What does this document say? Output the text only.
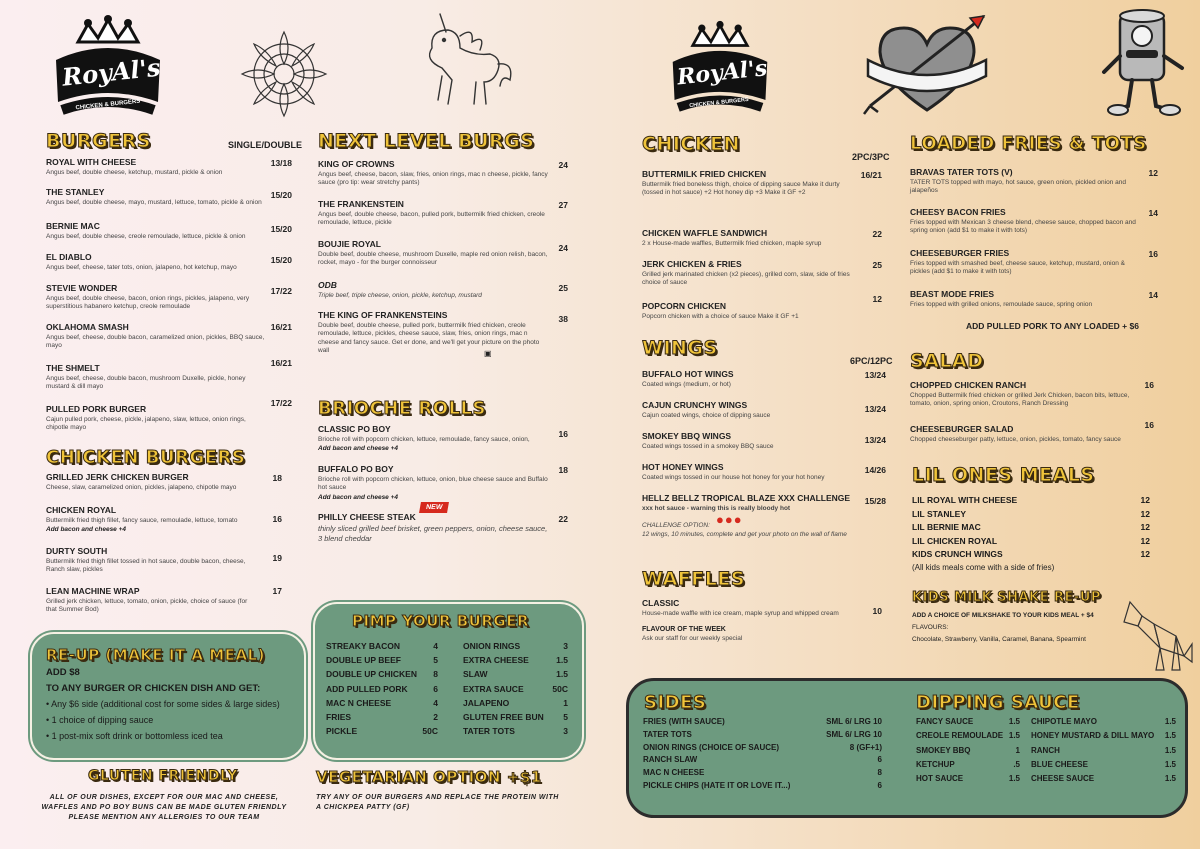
RoyAl's
CHICKEN & BURGERS
BURGERS	SINGLE/DOUBLE
ROYAL WITH CHEESE
Angus beef, double cheese, ketchup, mustard, pickle & onion
13/18
THE STANLEY
Angus beef, double cheese, mayo, mustard, lettuce, tomato, pickle & onion
15/20
BERNIE MAC
Angus beef, double cheese, creole remoulade, lettuce, pickle & onion
15/20
EL DIABLO
Angus beef, cheese, tater tots, onion, jalapeno, hot ketchup, mayo
15/20
STEVIE WONDER
Angus beef, double cheese, bacon, onion rings, pickles, jalapeno, very superstitious habanero ketchup, creole remoulade
17/22
OKLAHOMA SMASH
Angus beef, cheese, double bacon, caramelized onion, pickles, BBQ sauce, mayo
16/21
THE SHMELT
Angus beef, cheese, double bacon, mushroom Duxelle, pickle, honey mustard & dill mayo
16/21
PULLED PORK BURGER
Cajun pulled pork, cheese, pickle, jalapeno, slaw, lettuce, onion rings, chipotle mayo
17/22
CHICKEN BURGERS
GRILLED JERK CHICKEN BURGER
Cheese, slaw, caramelized onion, pickles, jalapeno, chipotle mayo
18
CHICKEN ROYAL
Buttermilk fried thigh fillet, fancy sauce, remoulade, lettuce, tomato
Add bacon and cheese +4
16
DURTY SOUTH
Buttermilk fried thigh fillet tossed in hot sauce, double bacon, cheese, Ranch slaw, pickles
19
LEAN MACHINE WRAP
Grilled jerk chicken, lettuce, tomato, onion, pickle, choice of sauce (for that Summer Bod)
17
NEXT LEVEL BURGS
KING OF CROWNS
Angus beef, cheese, bacon, slaw, fries, onion rings, mac n cheese, pickle, fancy sauce (pro tip: wear stretchy pants)
24
THE FRANKENSTEIN
Angus beef, double cheese, bacon, pulled pork, buttermilk fried chicken, creole remoulade, lettuce, pickle
27
BOUJIE ROYAL
Double beef, double cheese, mushroom Duxelle, maple red onion relish, bacon, rocket, mayo - for the burger connoisseur
24
ODB
Triple beef, triple cheese, onion, pickle, ketchup, mustard
25
THE KING OF FRANKENSTEINS
Double beef, double cheese, pulled pork, buttermilk fried chicken, creole remoulade, lettuce, pickles, cheese sauce, slaw, fries, onion rings, mac n cheese and fancy sauce. Get er done, and we'll get your picture on the photo wall
38
▣
BRIOCHE ROLLS
CLASSIC PO BOY
Brioche roll with popcorn chicken, lettuce, remoulade, fancy sauce, onion,
Add bacon and cheese +4
16
BUFFALO PO BOY
Brioche roll with popcorn chicken, lettuce, onion, blue cheese sauce and Buffalo hot sauce
Add bacon and cheese +4
18
PHILLY CHEESE STEAK
thinly sliced grilled beef brisket, green peppers, onion, cheese sauce, 3 blend cheddar
22
NEW
RE-UP (MAKE IT A MEAL)
ADD $8
TO ANY BURGER OR CHICKEN DISH AND GET:
• Any $6 side (additional cost for some sides & large sides)
• 1 choice of dipping sauce
• 1 post-mix soft drink or bottomless iced tea
PIMP YOUR BURGER
STREAKY BACON	4
DOUBLE UP BEEF	5
DOUBLE UP CHICKEN	8
ADD PULLED PORK	6
MAC N CHEESE	4
FRIES	2
PICKLE	50C
ONION RINGS	3
EXTRA CHEESE	1.5
SLAW	1.5
EXTRA SAUCE	50C
JALAPENO	1
GLUTEN FREE BUN	5
TATER TOTS	3
GLUTEN FRIENDLY
ALL OF OUR DISHES, EXCEPT FOR OUR MAC AND CHEESE, WAFFLES AND PO BOY BUNS CAN BE MADE GLUTEN FRIENDLY PLEASE MENTION ANY ALLERGIES TO OUR TEAM
VEGETARIAN OPTION +$1
TRY ANY OF OUR BURGERS AND REPLACE THE PROTEIN WITH A CHICKPEA PATTY (GF)
RoyAl's
CHICKEN & BURGERS
CHICKEN
2PC/3PC
BUTTERMILK FRIED CHICKEN
Buttermilk fried boneless thigh, choice of dipping sauce Make it durty (tossed in hot sauce) +2 Hot honey dip +3 Make it GF +2
16/21
CHICKEN WAFFLE SANDWICH
2 x House-made waffles, Buttermilk fried chicken, maple syrup
22
JERK CHICKEN & FRIES
Grilled jerk marinated chicken (x2 pieces), grilled corn, slaw, side of fries choice of sauce
25
POPCORN CHICKEN
Popcorn chicken with a choice of sauce Make it GF +1
12
WINGS
6PC/12PC
BUFFALO HOT WINGS
Coated wings (medium, or hot)
13/24
CAJUN CRUNCHY WINGS
Cajun coated wings, choice of dipping sauce
13/24
SMOKEY BBQ WINGS
Coated wings tossed in a smokey BBQ sauce
13/24
HOT HONEY WINGS
Coated wings tossed in our house hot honey for your hot honey
14/26
HELLZ BELLZ TROPICAL BLAZE XXX CHALLENGE
xxx hot sauce - warning this is really bloody hot
15/28
●●●
CHALLENGE OPTION:
12 wings, 10 minutes, complete and get your photo on the wall of flame
WAFFLES
CLASSIC
House-made waffle with ice cream, maple syrup and whipped cream	10
FLAVOUR OF THE WEEK
Ask our staff for our weekly special
LOADED FRIES & TOTS
BRAVAS TATER TOTS (V)
TATER TOTS topped with mayo, hot sauce, green onion, pickled onion and jalapeños
12
CHEESY BACON FRIES
Fries topped with Mexican 3 cheese blend, cheese sauce, chopped bacon and spring onion (add $1 to make it with tots)
14
CHEESEBURGER FRIES
Fries topped with smashed beef, cheese sauce, ketchup, mustard, onion & pickles (add $1 to make it with tots)
16
BEAST MODE FRIES
Fries topped with grilled onions, remoulade sauce, spring onion
14
ADD PULLED PORK TO ANY LOADED + $6
SALAD
CHOPPED CHICKEN RANCH
Chopped Buttermilk fried chicken or grilled Jerk Chicken, bacon bits, lettuce, tomato, onion, spring onion, Croutons, Ranch Dressing
16
CHEESEBURGER SALAD
Chopped cheeseburger patty, lettuce, onion, pickles, tomato, fancy sauce
16
LIL ONES MEALS
LIL ROYAL WITH CHEESE	12
LIL STANLEY	12
LIL BERNIE MAC	12
LIL CHICKEN ROYAL	12
KIDS CRUNCH WINGS	12
(All kids meals come with a side of fries)
KIDS MILK SHAKE RE-UP
ADD A CHOICE OF MILKSHAKE TO YOUR KIDS MEAL + $4
FLAVOURS:
Chocolate, Strawberry, Vanilla, Caramel, Banana, Spearmint
SIDES
FRIES (WITH SAUCE)	SML 6/ LRG 10
TATER TOTS	SML 6/ LRG 10
ONION RINGS (CHOICE OF SAUCE)	8 (GF+1)
RANCH SLAW	6
MAC N CHEESE	8
PICKLE CHIPS (HATE IT OR LOVE IT...)	6
DIPPING SAUCE
FANCY SAUCE	1.5
CREOLE REMOULADE 1.5
SMOKEY BBQ	1
KETCHUP	.5
HOT SAUCE	1.5
CHIPOTLE MAYO	1.5
HONEY MUSTARD & DILL MAYO	1.5
RANCH	1.5
BLUE CHEESE	1.5
CHEESE SAUCE	1.5
